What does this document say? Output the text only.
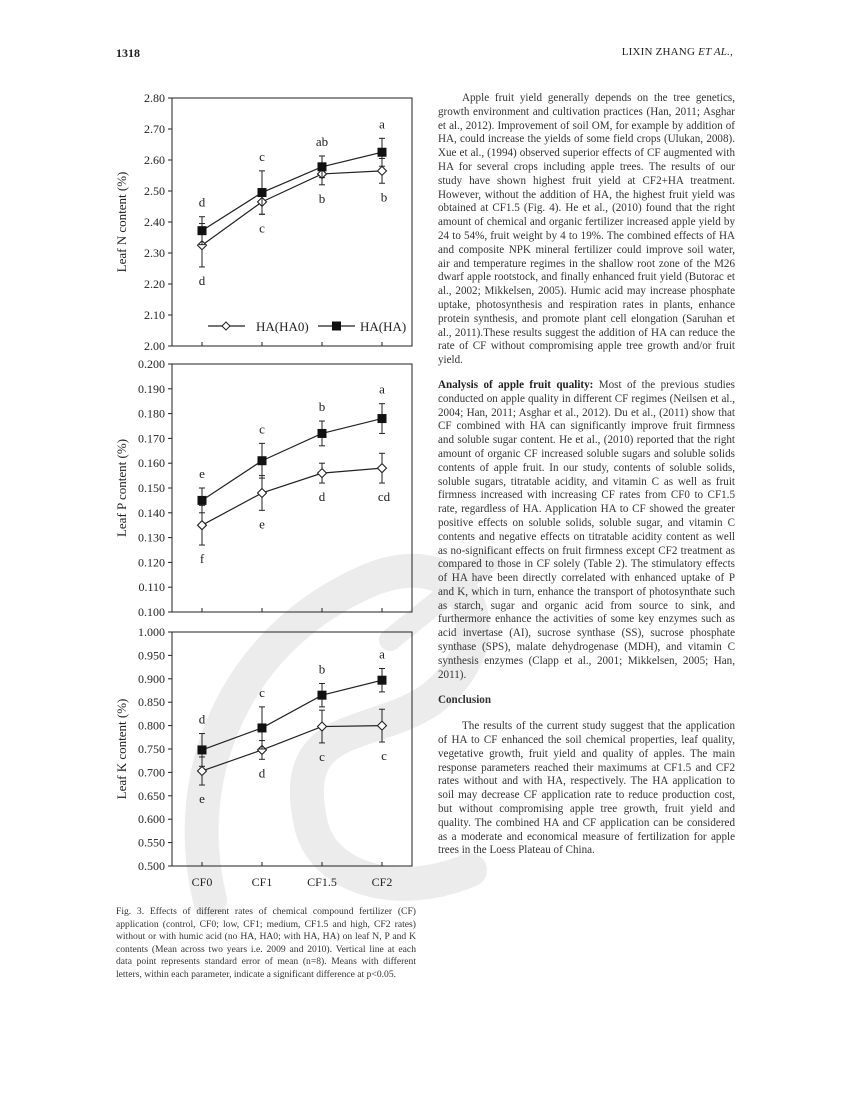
1318	LIXIN ZHANG ET AL.,
2.00
2.10
2.20
2.30
2.40
2.50
2.60
2.70
2.80
Leaf N content (%)
d
c
b	b
d
c
ab
a
HA(HA0)	HA(HA)
0.100
0.110
0.120
0.130
0.140
0.150
0.160
0.170
0.180
0.190
0.200
Leaf P content (%)
f
e
d	cd
e
c
b
a
0.500
0.550
0.600
0.650
0.700
0.750
0.800
0.850
0.900
0.950
1.000
Leaf K content (%)	e
d
c	c
d
c
b
a
CF0	CF1	CF1.5	CF2
Fig. 3. Effects of different rates of chemical compound fertilizer (CF) application (control, CF0; low, CF1; medium, CF1.5 and high, CF2 rates) without or with humic acid (no HA, HA0; with HA, HA) on leaf N, P and K contents (Mean across two years i.e. 2009 and 2010). Vertical line at each data point represents standard error of mean (n=8). Means with different letters, within each parameter, indicate a significant difference at p<0.05.

Apple fruit yield generally depends on the tree genetics, growth environment and cultivation practices (Han, 2011; Asghar et al., 2012). Improvement of soil OM, for example by addition of HA, could increase the yields of some field crops (Ulukan, 2008). Xue et al., (1994) observed superior effects of CF augmented with HA for several crops including apple trees. The results of our study have shown highest fruit yield at CF2+HA treatment. However, without the addition of HA, the highest fruit yield was obtained at CF1.5 (Fig. 4). He et al., (2010) found that the right amount of chemical and organic fertilizer increased apple yield by 24 to 54%, fruit weight by 4 to 19%. The combined effects of HA and composite NPK mineral fertilizer could improve soil water, air and temperature regimes in the shallow root zone of the M26 dwarf apple rootstock, and finally enhanced fruit yield (Butorac et al., 2002; Mikkelsen, 2005). Humic acid may increase phosphate uptake, photosynthesis and respiration rates in plants, enhance protein synthesis, and promote plant cell elongation (Saruhan et al., 2011).These results suggest the addition of HA can reduce the rate of CF without compromising apple tree growth and/or fruit yield.

Analysis of apple fruit quality: Most of the previous studies conducted on apple quality in different CF regimes (Neilsen et al., 2004; Han, 2011; Asghar et al., 2012). Du et al., (2011) show that CF combined with HA can significantly improve fruit firmness and soluble sugar content. He et al., (2010) reported that the right amount of organic CF increased soluble sugars and soluble solids contents of apple fruit. In our study, contents of soluble solids, soluble sugars, titratable acidity, and vitamin C as well as fruit firmness increased with increasing CF rates from CF0 to CF1.5 rate, regardless of HA. Application HA to CF showed the greater positive effects on soluble solids, soluble sugar, and vitamin C contents and negative effects on titratable acidity content as well as no-significant effects on fruit firmness except CF2 treatment as compared to those in CF solely (Table 2). The stimulatory effects of HA have been directly correlated with enhanced uptake of P and K, which in turn, enhance the transport of photosynthate such as starch, sugar and organic acid from source to sink, and furthermore enhance the activities of some key enzymes such as acid invertase (AI), sucrose synthase (SS), sucrose phosphate synthase (SPS), malate dehydrogenase (MDH), and vitamin C synthesis enzymes (Clapp et al., 2001; Mikkelsen, 2005; Han, 2011).

Conclusion

The results of the current study suggest that the application of HA to CF enhanced the soil chemical properties, leaf quality, vegetative growth, fruit yield and quality of apples. The main response parameters reached their maximums at CF1.5 and CF2 rates without and with HA, respectively. The HA application to soil may decrease CF application rate to reduce production cost, but without compromising apple tree growth, fruit yield and quality. The combined HA and CF application can be considered as a moderate and economical measure of fertilization for apple trees in the Loess Plateau of China.
